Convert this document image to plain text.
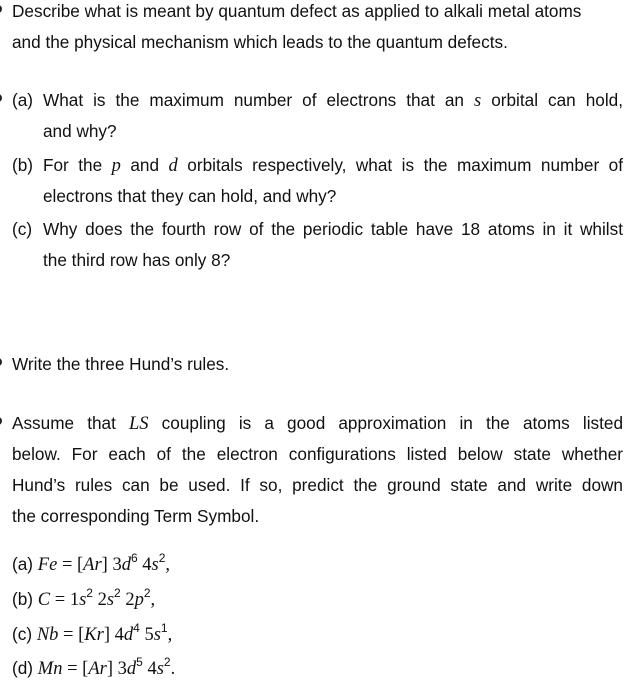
Describe what is meant by quantum defect as applied to alkali metal atoms
and the physical mechanism which leads to the quantum defects.
(a) What is the maximum number of electrons that an s orbital can hold,
and why?
(b) For the p and d orbitals respectively, what is the maximum number of
electrons that they can hold, and why?
(c) Why does the fourth row of the periodic table have 18 atoms in it whilst
the third row has only 8?
Write the three Hund’s rules.
Assume that LS coupling is a good approximation in the atoms listed
below. For each of the electron configurations listed below state whether
Hund’s rules can be used. If so, predict the ground state and write down
the corresponding Term Symbol.
(a) Fe = [Ar] $3d^6$ $4s^2$,
(b) $C = 1s^2$ $2s^2$ $2p^2$,
(c) Nb = [Kr] $4d^4$ $5s^1$,
(d) Mn = [Ar] $3d^5$ $4s^2$.
